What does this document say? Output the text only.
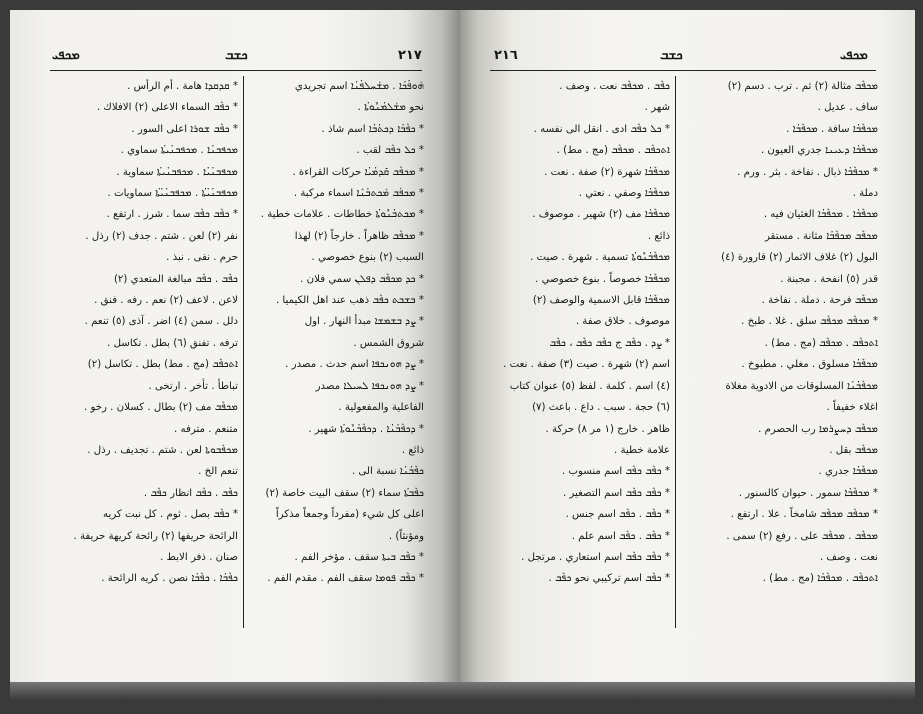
ܡܟܦܝ	ܟܫܒ	٢١٧
ܗܰܘܦܳܟܳܐ . ܡܫܰܚܠܦܳܢܳܐ اسم تجريدي
نحو ܡܫܰܠܡܳܢܽܘܬܳܐ .
* ܟܦܶܒܳܐ ܕܟܬܳܒܳܐ اسم شاذ .
* ܟܠ ܟܦܶܒ لقب .
* ܡܟܦܶܒ ܩܺܕܡܳܝܳܐ حركات القراءة .
* ܡܟܦܰܒ ܡܰܟܬܒܳܢܶܐ اسماء مركبة .
* ܡܟܬܒܳܢܽܘܬܳܐ خطاطات . علامات خطية .
* ܡܟܦܶܒ ظاهراً . خارجاً (٢) لهذا
السبب (٢) بنوع خصوصي .
* ܟܕ ܡܟܦܶܒ ܕܦܠܢ سمي فلان .
* ܒܫܒܬ ܟܦܶܒ ذهب عند اهل الكيميا .
* ܨܕ ܒܫܡܫܐ مبدأ النهار . اول
شروق الشمس .
* ܨܕ ܗܘܢܟܦܐ اسم حدث . مصدر .
* ܨܕ ܗܘܢܟܦܐ ܠܚܝܠܐ مصدر
الفاعلية والمفعولية .
* ܕܟܦܶܒܳܢܳܐ . ܕܟܦܶܒܳܢܽܘܬܳܐ شهير .
ذائع .
ܟܦܶܒܳܢܳܐ نسبة الى .
ܟܦܶܒܬܳܐ سماء (٢) سقف البيت خاصة (٢)
اعلى كل شيء (مفرداً وجمعاً مذكراً
ومؤنثاً) .
* ܟܦܶܒ ܒܝܬܐ سقف . مؤخر الفم .
* ܟܦܶܒ ܦܘܡܐ سقف الفم . مقدم الفم .
* ܩܕܩܕܐ هامة . أم الرأس .
* ܟܦܶܒ السماء الاعلى (٢) الافلاك .
* ܟܦܶܒ ܫܘܪܐ اعلى السور .
ܡܟܦܒܢܳܐ . ܡܟܦܒܢܳܝܬܳܐ سماوي .
ܡܟܦܒܢܳܝܳܐ . ܡܟܦܒܢܳܝܬܳܐ سماوية .
ܡܟܦܒܢܳܝܳܬܳܐ . ܡܟܦܒܢܳܝܳܬܳܐ سماويات .
* ܟܦܶܒ ܟܦܶܒ سما . شرز . ارتفع .
نفر (٢) لعن . شتم . جدف (٢) رذل .
حرم . نفى . نبذ .
ܟܦܶܒ . ܟܦܶܒ مبالغة المتعدي (٢)
لاعن . لاعف (٢) نعم . رفه . فنق .
دلل . سمن (٤) اضر . آذى (٥) تنعم .
ترفه . تفنق (٦) بطل . تكاسل .
ܐܬܟܦܶܒ (مج . مط) بطل . تكاسل (٢)
تباطأ . تأخر . ارتخى .
ܡܟܦܶܒ مف (٢) بطال . كسلان . رخو .
متنعم . مترفه .
ܡܟܦܶܒܘܬܐ لعن . شتم . تجديف . رذل .
تنعم الخ .
ܟܦܶܒ . ܟܦܶܒ انظار ܟܦܶܒ .
* ܟܦܶܒ بصل . ثوم . كل نبت كريه
الرائحة حريفها (٢) رائحة كريهة حريفة .
صنان . ذفر الابط .
ܟܦܶܒܳܐ . ܟܦܶܒܳܐ نصن . كريه الرائحة .
٢١٦	ܟܫܒ	ܡܟܦܝ
ܡܟܦܶܒ مثالة (٢) ثم . ترب . دسم (٢)
ساف . عديل .
ܡܟܦܶܒܳܐ سافة . ܡܟܦܶܒܳܐ .
ܡܟܦܶܒܳܐ ܕܥܝܢܐ جدري العيون .
* ܡܟܦܶܒܳܐ ذبال . نفاخة . بثر . ورم .
دملة .
ܡܟܦܶܒܳܐ . ܡܟܦܶܒܳܐ الغثيان فيه .
ܡܟܦܶܒ ܡܟܦܶܒܳܐ مثانة . مستقر
البول (٢) غلاف الاثمار (٢) قارورة (٤)
قدر (٥) انفحة . مجبنة .
ܡܟܦܶܒ فرحة . دملة . نفاخة .
* ܡܟܦܶܒ ܡܟܦܶܒ سلق . غلا . طبخ .
ܐܬܟܦܶܒ . ܡܟܦܶܒ (مج . مط) .
ܡܟܦܶܒܳܐ مسلوق . مغلي . مطبوخ .
ܡܟܦܶܒܳܢܳܐ المسلوقات من الادوية مغلاة
اغلاء خفيفاً .
ܡܟܦܶܒ ܕܚܨܪܡܐ رب الحصرم .
ܡܟܦܶܒ بقل .
ܡܟܦܶܒܳܐ جدري .
* ܡܟܦܶܒܳܐ سمور . حيوان كالسنور .
* ܡܟܦܶܒ ܡܟܦܶܒ شامخاً . علا . ارتفع .
ܡܟܦܶܒ . ܡܟܦܶܒ على . رفع (٢) سمى .
نعت . وصف .
ܐܬܟܦܶܒ . ܡܟܦܶܒܳܐ (مج . مط) .
ܟܦܶܒ . ܡܟܦܶܒ نعت . وصف .
شهر .
* ܟܠ ܟܦܶܒ ادى . انقل الى نفسه .
ܐܬܟܦܶܒ . ܡܟܦܶܒ (مج . مط) .
ܡܟܦܶܒܳܐ شهرة (٢) صفة . نعت .
ܡܟܦܶܒܳܐ وصفي . نعتي .
ܡܟܦܶܒܳܐ مف (٢) شهير . موصوف .
ذائع .
ܡܟܦܶܒܳܢܽܘܬܳܐ تسمية . شهرة . صيت .
ܡܟܦܶܒܳܐ خصوصاً . بنوع خصوصي .
ܡܟܦܶܒܳܐ قابل الاسمية والوصف (٢)
موصوف . خلاق صفة .
* ܨܕ . ܟܦܶܒ ج ܟܦܶܒ ܟܦܶܒ ، ܟܦܶܒ
اسم (٢) شهرة . صيت (٣) صفة . نعت .
(٤) اسم . كلمة . لفظ (٥) عنوان كتاب
(٦) حجة . سبب . داع . باعث (٧)
ظاهر . خارج (١ مر ٨) حركة .
علامة خطية .
* ܟܦܶܒ ܟܦܶܒ اسم منسوب .
* ܟܦܶܒ ܟܦܶܒ اسم التصغير .
* ܟܦܶܒ . ܟܦܶܒ اسم جنس .
* ܟܦܶܒ . ܟܦܶܒ اسم علم .
* ܟܦܶܒ ܟܦܶܒ اسم استعاري . مرتجل .
* ܟܦܶܒ اسم تركيبي نحو ܟܦܶܒ .
